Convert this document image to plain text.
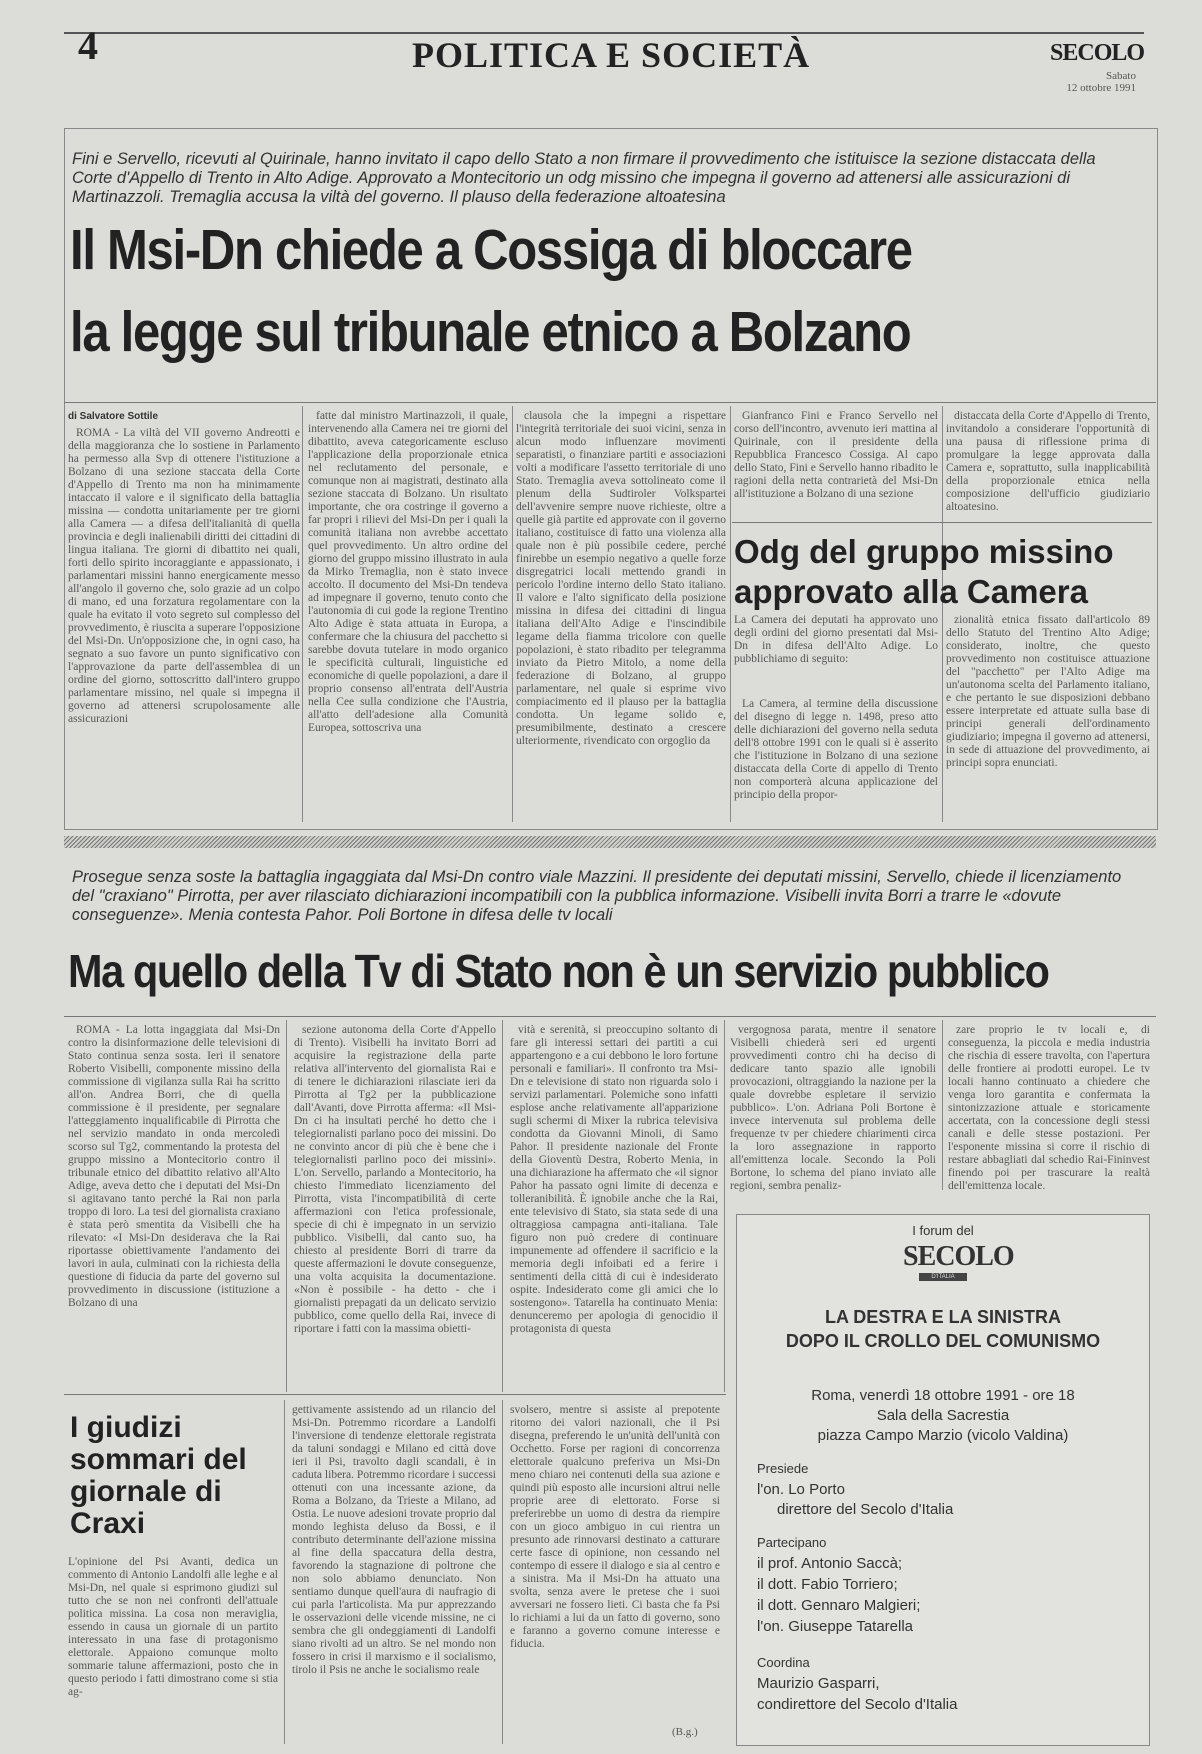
4	POLITICA E SOCIETÀ	SECOLO
Sabato
12 ottobre 1991
Fini e Servello, ricevuti al Quirinale, hanno invitato il capo dello Stato a non firmare il provvedimento che istituisce la sezione distaccata della Corte d'Appello di Trento in Alto Adige. Approvato a Montecitorio un odg missino che impegna il governo ad attenersi alle assicurazioni di Martinazzoli. Tremaglia accusa la viltà del governo. Il plauso della federazione altoatesina
Il Msi-Dn chiede a Cossiga di bloccare
la legge sul tribunale etnico a Bolzano
di Salvatore Sottile

ROMA - La viltà del VII governo Andreotti e della maggioranza che lo sostiene in Parlamento ha permesso alla Svp di ottenere l'istituzione a Bolzano di una sezione staccata della Corte d'Appello di Trento ma non ha minimamente intaccato il valore e il significato della battaglia missina — condotta unitariamente per tre giorni alla Camera — a difesa dell'italianità di quella provincia e degli inalienabili diritti dei cittadini di lingua italiana. Tre giorni di dibattito nei quali, forti dello spirito incoraggiante e appassionato, i parlamentari missini hanno energicamente messo all'angolo il governo che, solo grazie ad un colpo di mano, ed una forzatura regolamentare con la quale ha evitato il voto segreto sul complesso del provvedimento, è riuscita a superare l'opposizione del Msi-Dn. Un'opposizione che, in ogni caso, ha segnato a suo favore un punto significativo con l'approvazione da parte dell'assemblea di un ordine del giorno, sottoscritto dall'intero gruppo parlamentare missino, nel quale si impegna il governo ad attenersi scrupolosamente alle assicurazioni

fatte dal ministro Martinazzoli, il quale, intervenendo alla Camera nei tre giorni del dibattito, aveva categoricamente escluso l'applicazione della proporzionale etnica nel reclutamento del personale, e comunque non ai magistrati, destinato alla sezione staccata di Bolzano. Un risultato importante, che ora costringe il governo a far propri i rilievi del Msi-Dn per i quali la comunità italiana non avrebbe accettato quel provvedimento. Un altro ordine del giorno del gruppo missino illustrato in aula da Mirko Tremaglia, non è stato invece accolto. Il documento del Msi-Dn tendeva ad impegnare il governo, tenuto conto che l'autonomia di cui gode la regione Trentino Alto Adige è stata attuata in Europa, a confermare che la chiusura del pacchetto si sarebbe dovuta tutelare in modo organico le specificità culturali, linguistiche ed economiche di quelle popolazioni, a dare il proprio consenso all'entrata dell'Austria nella Cee sulla condizione che l'Austria, all'atto dell'adesione alla Comunità Europea, sottoscriva una

clausola che la impegni a rispettare l'integrità territoriale dei suoi vicini, senza in alcun modo influenzare movimenti separatisti, o finanziare partiti e associazioni volti a modificare l'assetto territoriale di uno Stato. Tremaglia aveva sottolineato come il plenum della Sudtiroler Volkspartei dell'avvenire sempre nuove richieste, oltre a quelle già partite ed approvate con il governo italiano, costituisce di fatto una violenza alla quale non è più possibile cedere, perché finirebbe un esempio negativo a quelle forze disgregatrici locali mettendo grandi in pericolo l'ordine interno dello Stato italiano. Il valore e l'alto significato della posizione missina in difesa dei cittadini di lingua italiana dell'Alto Adige e l'inscindibile legame della fiamma tricolore con quelle popolazioni, è stato ribadito per telegramma inviato da Pietro Mitolo, a nome della federazione di Bolzano, al gruppo parlamentare, nel quale si esprime vivo compiacimento ed il plauso per la battaglia condotta. Un legame solido e, presumibilmente, destinato a crescere ulteriormente, rivendicato con orgoglio da

Gianfranco Fini e Franco Servello nel corso dell'incontro, avvenuto ieri mattina al Quirinale, con il presidente della Repubblica Francesco Cossiga. Al capo dello Stato, Fini e Servello hanno ribadito le ragioni della netta contrarietà del Msi-Dn all'istituzione a Bolzano di una sezione

distaccata della Corte d'Appello di Trento, invitandolo a considerare l'opportunità di una pausa di riflessione prima di promulgare la legge approvata dalla Camera e, soprattutto, sulla inapplicabilità della proporzionale etnica nella composizione dell'ufficio giudiziario altoatesino.

Odg del gruppo missino approvato alla Camera
La Camera dei deputati ha approvato uno degli ordini del giorno presentati dal Msi-Dn in difesa dell'Alto Adige. Lo pubblichiamo di seguito:

La Camera, al termine della discussione del disegno di legge n. 1498, preso atto delle dichiarazioni del governo nella seduta dell'8 ottobre 1991 con le quali si è asserito che l'istituzione in Bolzano di una sezione distaccata della Corte di appello di Trento non comporterà alcuna applicazione del principio della propor-

zionalità etnica fissato dall'articolo 89 dello Statuto del Trentino Alto Adige; considerato, inoltre, che questo provvedimento non costituisce attuazione del "pacchetto" per l'Alto Adige ma un'autonoma scelta del Parlamento italiano, e che pertanto le sue disposizioni debbano essere interpretate ed attuate sulla base di principi generali dell'ordinamento giudiziario; impegna il governo ad attenersi, in sede di attuazione del provvedimento, ai principi sopra enunciati.

Prosegue senza soste la battaglia ingaggiata dal Msi-Dn contro viale Mazzini. Il presidente dei deputati missini, Servello, chiede il licenziamento del "craxiano" Pirrotta, per aver rilasciato dichiarazioni incompatibili con la pubblica informazione. Visibelli invita Borri a trarre le «dovute conseguenze». Menia contesta Pahor. Poli Bortone in difesa delle tv locali
Ma quello della Tv di Stato non è un servizio pubblico

ROMA - La lotta ingaggiata dal Msi-Dn contro la disinformazione delle televisioni di Stato continua senza sosta. Ieri il senatore Roberto Visibelli, componente missino della commissione di vigilanza sulla Rai ha scritto all'on. Andrea Borri, che di quella commissione è il presidente, per segnalare l'atteggiamento inqualificabile di Pirrotta che nel servizio mandato in onda mercoledì scorso sul Tg2, commentando la protesta del gruppo missino a Montecitorio contro il tribunale etnico del dibattito relativo all'Alto Adige, aveva detto che i deputati del Msi-Dn si agitavano tanto perché la Rai non parla troppo di loro. La tesi del giornalista craxiano è stata però smentita da Visibelli che ha rilevato: «I Msi-Dn desiderava che la Rai riportasse obiettivamente l'andamento dei lavori in aula, culminati con la richiesta della questione di fiducia da parte del governo sul provvedimento in discussione (istituzione a Bolzano di una

sezione autonoma della Corte d'Appello di Trento). Visibelli ha invitato Borri ad acquisire la registrazione della parte relativa all'intervento del giornalista Rai e di tenere le dichiarazioni rilasciate ieri da Pirrotta al Tg2 per la pubblicazione dall'Avanti, dove Pirrotta afferma: «Il Msi-Dn ci ha insultati perché ho detto che i telegiornalisti parlano poco dei missini. Do ne convinto ancor di più che è bene che i telegiornalisti parlino poco dei missini». L'on. Servello, parlando a Montecitorio, ha chiesto l'immediato licenziamento del Pirrotta, vista l'incompatibilità di certe affermazioni con l'etica professionale, specie di chi è impegnato in un servizio pubblico. Visibelli, dal canto suo, ha chiesto al presidente Borri di trarre da queste affermazioni le dovute conseguenze, una volta acquisita la documentazione. «Non è possibile - ha detto - che i giornalisti prepagati da un delicato servizio pubblico, come quello della Rai, invece di riportare i fatti con la massima obietti-

vità e serenità, si preoccupino soltanto di fare gli interessi settari dei partiti a cui appartengono e a cui debbono le loro fortune personali e familiari». Il confronto tra Msi-Dn e televisione di stato non riguarda solo i servizi parlamentari. Polemiche sono infatti esplose anche relativamente all'apparizione sugli schermi di Mixer la rubrica televisiva condotta da Giovanni Minoli, di Samo Pahor. Il presidente nazionale del Fronte della Gioventù Destra, Roberto Menia, in una dichiarazione ha affermato che «il signor Pahor ha passato ogni limite di decenza e tolleranibilità. È ignobile anche che la Rai, ente televisivo di Stato, sia stata sede di una oltraggiosa campagna anti-italiana. Tale figuro non può credere di continuare impunemente ad offendere il sacrificio e la memoria degli infoibati ed a ferire i sentimenti della città di cui è indesiderato ospite. Indesiderato come gli amici che lo sostengono». Tatarella ha continuato Menia: denunceremo per apologia di genocidio il protagonista di questa

vergognosa parata, mentre il senatore Visibelli chiederà seri ed urgenti provvedimenti contro chi ha deciso di dedicare tanto spazio alle ignobili provocazioni, oltraggiando la nazione per la quale dovrebbe espletare il servizio pubblico». L'on. Adriana Poli Bortone è invece intervenuta sul problema delle frequenze tv per chiedere chiarimenti circa la loro assegnazione in rapporto all'emittenza locale. Secondo la Poli Bortone, lo schema del piano inviato alle regioni, sembra penaliz-

zare proprio le tv locali e, di conseguenza, la piccola e media industria che rischia di essere travolta, con l'apertura delle frontiere ai prodotti europei. Le tv locali hanno continuato a chiedere che venga loro garantita e confermata la sintonizzazione attuale e storicamente accertata, con la concessione degli stessi canali e delle stesse postazioni. Per l'esponente missina si corre il rischio di restare abbagliati dal schedio Rai-Fininvest finendo poi per trascurare la realtà dell'emittenza locale.

I giudizi sommari del giornale di Craxi
L'opinione del Psi Avanti, dedica un commento di Antonio Landolfi alle leghe e al Msi-Dn, nel quale si esprimono giudizi sul tutto che se non nei confronti dell'attuale politica missina. La cosa non meraviglia, essendo in causa un giornale di un partito interessato in una fase di protagonismo elettorale. Appaiono comunque molto sommarie talune affermazioni, posto che in questo periodo i fatti dimostrano come si stia ag-
gettivamente assistendo ad un rilancio del Msi-Dn. Potremmo ricordare a Landolfi l'inversione di tendenze elettorale registrata da taluni sondaggi e Milano ed città dove ieri il Psi, travolto dagli scandali, è in caduta libera. Potremmo ricordare i successi ottenuti con una incessante azione, da Roma a Bolzano, da Trieste a Milano, ad Ostia. Le nuove adesioni trovate proprio dal mondo leghista deluso da Bossi, e il contributo determinante dell'azione missina al fine della spaccatura della destra, favorendo la stagnazione di poltrone che non solo abbiamo denunciato. Non sentiamo dunque quell'aura di naufragio di cui parla l'articolista. Ma pur apprezzando le osservazioni delle vicende missine, ne ci sembra che gli ondeggiamenti di Landolfi siano rivolti ad un altro. Se nel mondo non fossero in crisi il marxismo e il socialismo, tirolo il Psis ne anche le socialismo reale
svolsero, mentre si assiste al prepotente ritorno dei valori nazionali, che il Psi disegna, preferendo le un'unità dell'unità con Occhetto. Forse per ragioni di concorrenza elettorale qualcuno preferiva un Msi-Dn meno chiaro nei contenuti della sua azione e quindi più esposto alle incursioni altrui nelle proprie aree di elettorato. Forse si preferirebbe un uomo di destra da riempire con un gioco ambiguo in cui rientra un presunto ade rinnovarsi destinato a catturare certe fasce di opinione, non cessando nel contempo di essere il dialogo e sia al centro e a sinistra. Ma il Msi-Dn ha attuato una svolta, senza avere le pretese che i suoi avversari ne fossero lieti. Ci basta che fa Psi lo richiami a lui da un fatto di governo, sono e faranno a governo comune interesse e fiducia.
(B.g.)
I forum del
SECOLO
D'ITALIA
LA DESTRA E LA SINISTRA
DOPO IL CROLLO DEL COMUNISMO
Roma, venerdì 18 ottobre 1991 - ore 18
Sala della Sacrestia
piazza Campo Marzio (vicolo Valdina)
Presiede
l'on. Lo Porto
direttore del Secolo d'Italia
Partecipano
il prof. Antonio Saccà;
il dott. Fabio Torriero;
il dott. Gennaro Malgieri;
l'on. Giuseppe Tatarella
Coordina
Maurizio Gasparri,
condirettore del Secolo d'Italia
